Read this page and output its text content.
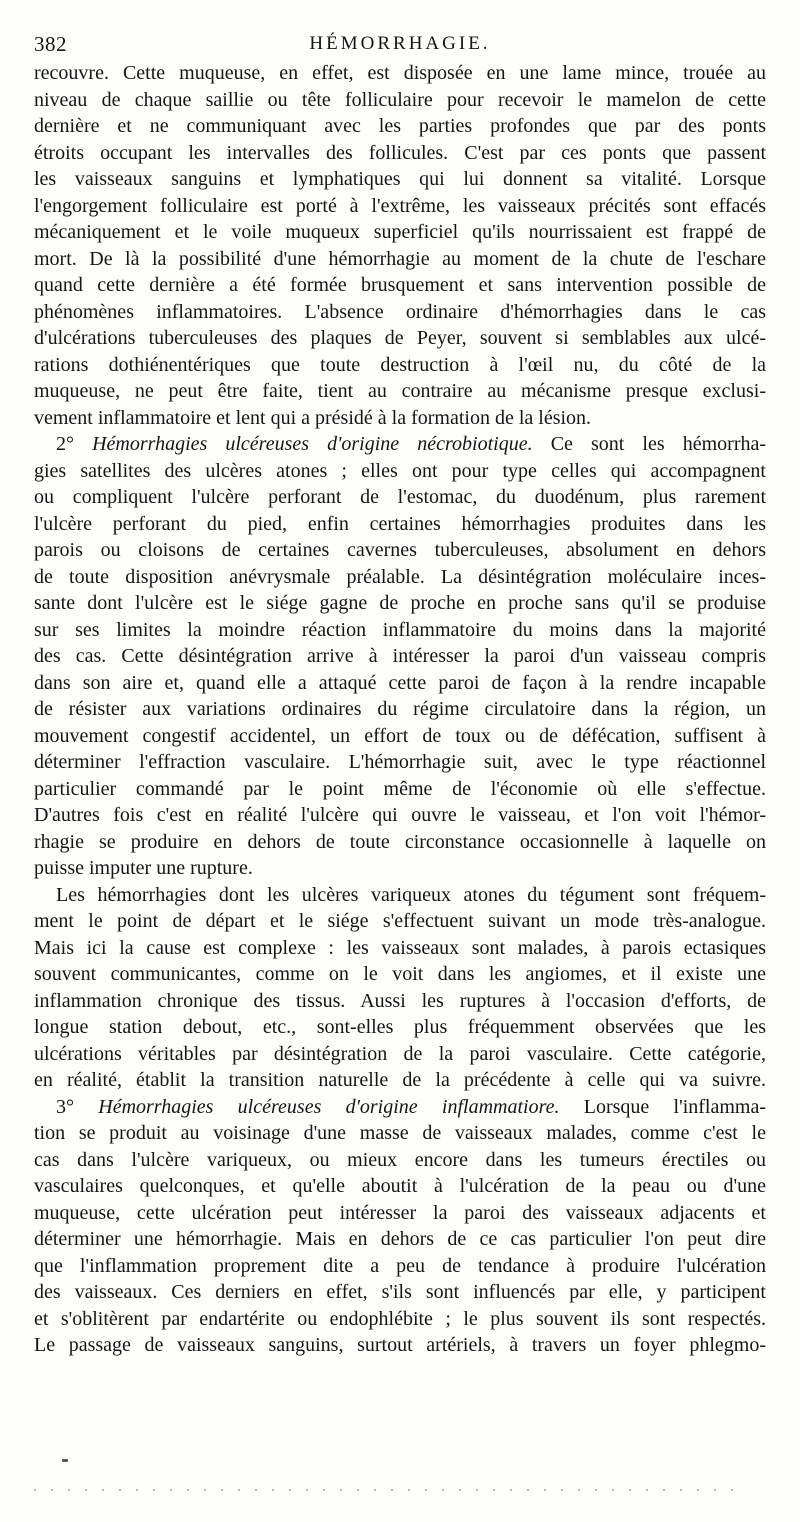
382	HÉMORRHAGIE.
recouvre. Cette muqueuse, en effet, est disposée en une lame mince, trouée au
niveau de chaque saillie ou tête folliculaire pour recevoir le mamelon de cette
dernière et ne communiquant avec les parties profondes que par des ponts
étroits occupant les intervalles des follicules. C'est par ces ponts que passent
les vaisseaux sanguins et lymphatiques qui lui donnent sa vitalité. Lorsque
l'engorgement folliculaire est porté à l'extrême, les vaisseaux précités sont effacés
mécaniquement et le voile muqueux superficiel qu'ils nourrissaient est frappé de
mort. De là la possibilité d'une hémorrhagie au moment de la chute de l'eschare
quand cette dernière a été formée brusquement et sans intervention possible de
phénomènes inflammatoires. L'absence ordinaire d'hémorrhagies dans le cas
d'ulcérations tuberculeuses des plaques de Peyer, souvent si semblables aux ulcé-
rations dothiénentériques que toute destruction à l'œil nu, du côté de la
muqueuse, ne peut être faite, tient au contraire au mécanisme presque exclusi-
vement inflammatoire et lent qui a présidé à la formation de la lésion.
2° Hémorrhagies ulcéreuses d'origine nécrobiotique. Ce sont les hémorrha-
gies satellites des ulcères atones ; elles ont pour type celles qui accompagnent
ou compliquent l'ulcère perforant de l'estomac, du duodénum, plus rarement
l'ulcère perforant du pied, enfin certaines hémorrhagies produites dans les
parois ou cloisons de certaines cavernes tuberculeuses, absolument en dehors
de toute disposition anévrysmale préalable. La désintégration moléculaire inces-
sante dont l'ulcère est le siége gagne de proche en proche sans qu'il se produise
sur ses limites la moindre réaction inflammatoire du moins dans la majorité
des cas. Cette désintégration arrive à intéresser la paroi d'un vaisseau compris
dans son aire et, quand elle a attaqué cette paroi de façon à la rendre incapable
de résister aux variations ordinaires du régime circulatoire dans la région, un
mouvement congestif accidentel, un effort de toux ou de défécation, suffisent à
déterminer l'effraction vasculaire. L'hémorrhagie suit, avec le type réactionnel
particulier commandé par le point même de l'économie où elle s'effectue.
D'autres fois c'est en réalité l'ulcère qui ouvre le vaisseau, et l'on voit l'hémor-
rhagie se produire en dehors de toute circonstance occasionnelle à laquelle on
puisse imputer une rupture.
Les hémorrhagies dont les ulcères variqueux atones du tégument sont fréquem-
ment le point de départ et le siége s'effectuent suivant un mode très-analogue.
Mais ici la cause est complexe : les vaisseaux sont malades, à parois ectasiques
souvent communicantes, comme on le voit dans les angiomes, et il existe une
inflammation chronique des tissus. Aussi les ruptures à l'occasion d'efforts, de
longue station debout, etc., sont-elles plus fréquemment observées que les
ulcérations véritables par désintégration de la paroi vasculaire. Cette catégorie,
en réalité, établit la transition naturelle de la précédente à celle qui va suivre.
3° Hémorrhagies ulcéreuses d'origine inflammatiore. Lorsque l'inflamma-
tion se produit au voisinage d'une masse de vaisseaux malades, comme c'est le
cas dans l'ulcère variqueux, ou mieux encore dans les tumeurs érectiles ou
vasculaires quelconques, et qu'elle aboutit à l'ulcération de la peau ou d'une
muqueuse, cette ulcération peut intéresser la paroi des vaisseaux adjacents et
déterminer une hémorrhagie. Mais en dehors de ce cas particulier l'on peut dire
que l'inflammation proprement dite a peu de tendance à produire l'ulcération
des vaisseaux. Ces derniers en effet, s'ils sont influencés par elle, y participent
et s'oblitèrent par endartérite ou endophlébite ; le plus souvent ils sont respectés.
Le passage de vaisseaux sanguins, surtout artériels, à travers un foyer phlegmo-
